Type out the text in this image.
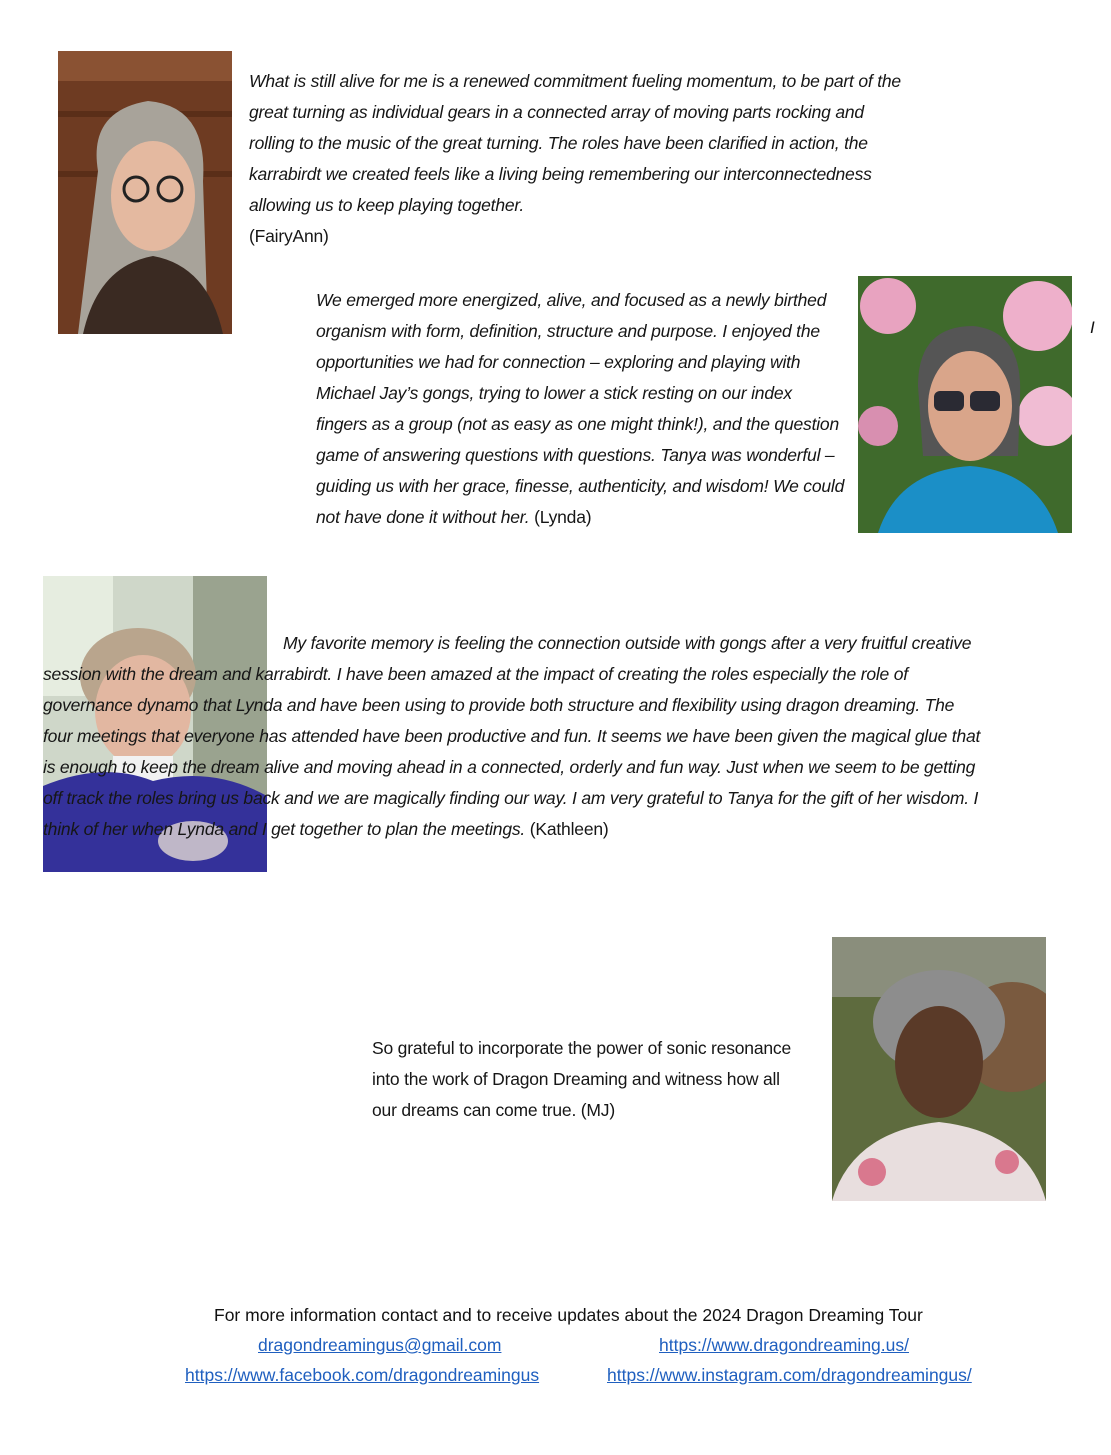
What is still alive for me is a renewed commitment fueling momentum, to be part of the great turning as individual gears in a connected array of moving parts rocking and rolling to the music of the great turning. The roles have been clarified in action, the karrabirdt we created feels like a living being remembering our interconnectedness allowing us to keep playing together.
(FairyAnn)
We emerged more energized, alive, and focused as a newly birthed organism with form, definition, structure and purpose. I enjoyed the opportunities we had for connection – exploring and playing with Michael Jay’s gongs, trying to lower a stick resting on our index fingers as a group (not as easy as one might think!), and the question game of answering questions with questions. Tanya was wonderful – guiding us with her grace, finesse, authenticity, and wisdom! We could not have done it without her. (Lynda)
I
My favorite memory is feeling the connection outside with gongs after a very fruitful creative session with the dream and karrabirdt. I have been amazed at the impact of creating the roles especially the role of governance dynamo that Lynda and have been using to provide both structure and flexibility using dragon dreaming. The four meetings that everyone has attended have been productive and fun. It seems we have been given the magical glue that is enough to keep the dream alive and moving ahead in a connected, orderly and fun way. Just when we seem to be getting off track the roles bring us back and we are magically finding our way. I am very grateful to Tanya for the gift of her wisdom. I think of her when Lynda and I get together to plan the meetings. (Kathleen)
So grateful to incorporate the power of sonic resonance into the work of Dragon Dreaming and witness how all our dreams can come true. (MJ)
For more information contact and to receive updates about the 2024 Dragon Dreaming Tour
dragondreamingus@gmail.com	https://www.dragondreaming.us/
https://www.facebook.com/dragondreamingus	https://www.instagram.com/dragondreamingus/
